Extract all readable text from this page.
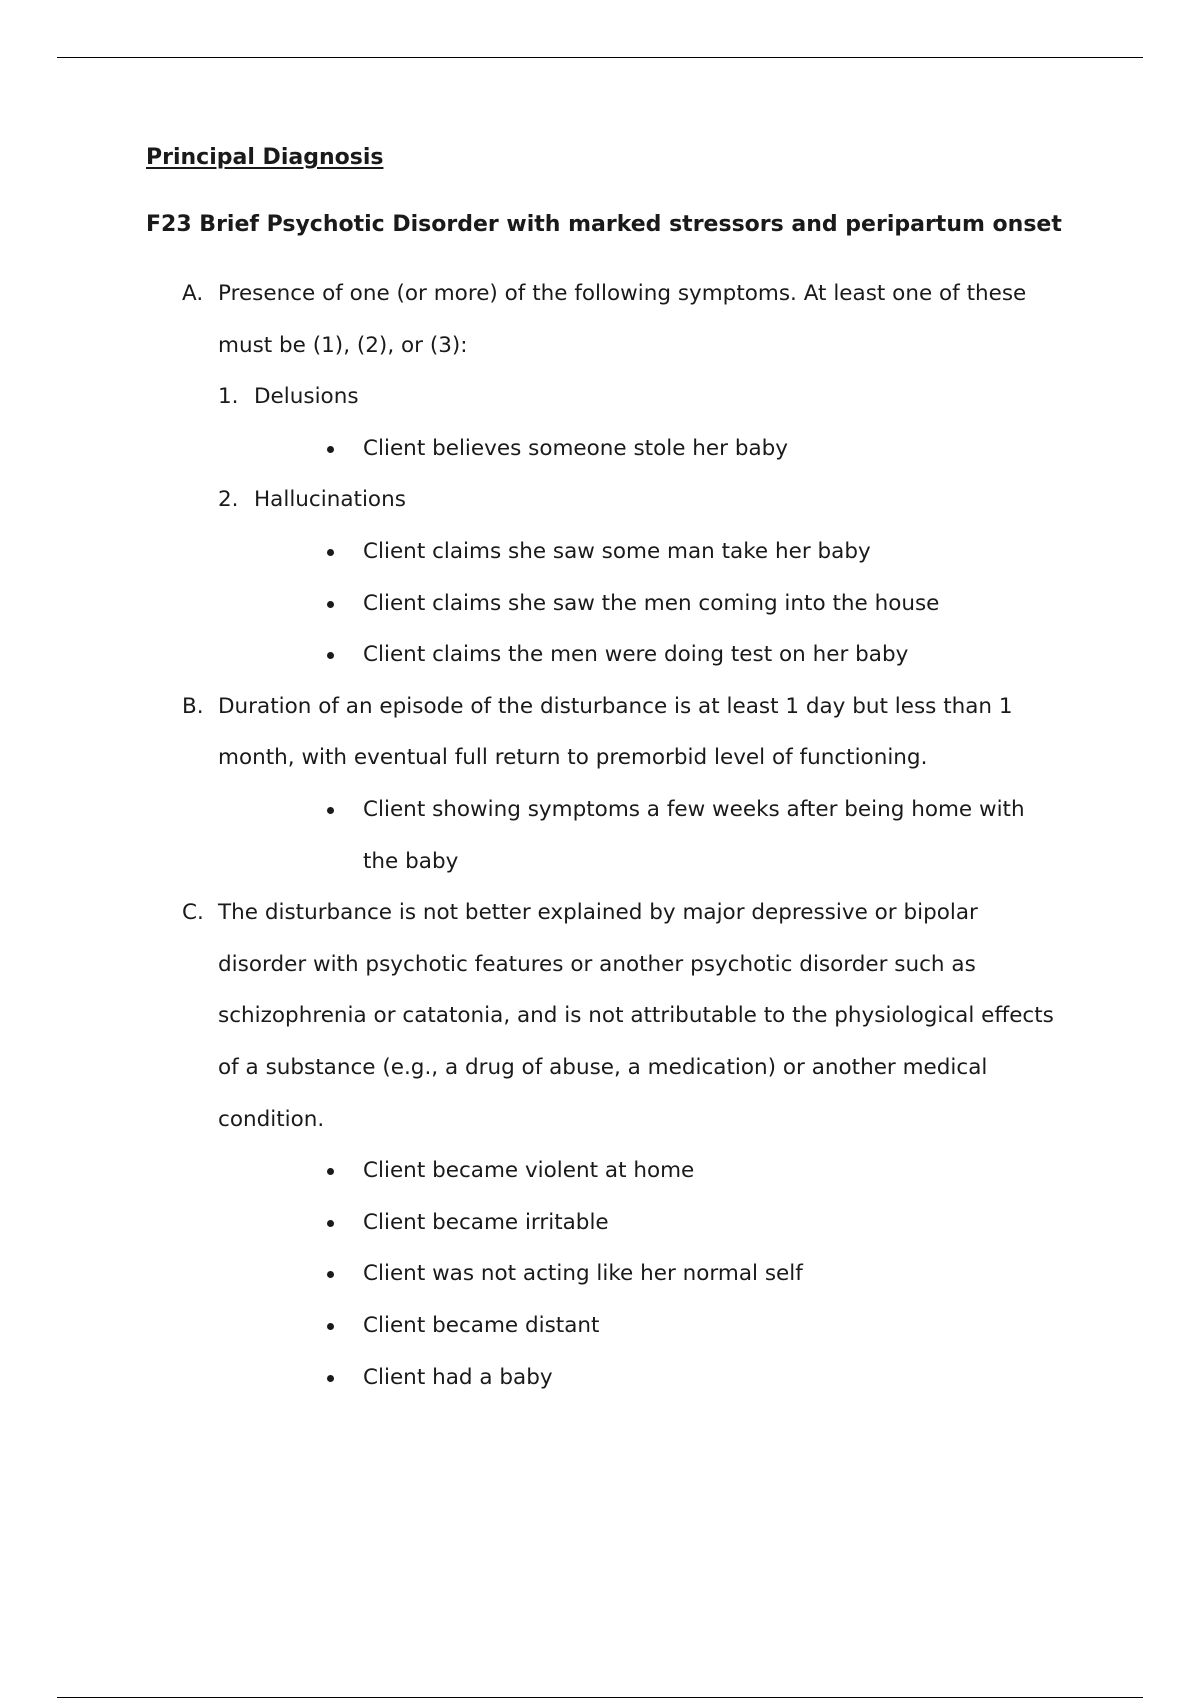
Principal Diagnosis
F23 Brief Psychotic Disorder with marked stressors and peripartum onset
A. Presence of one (or more) of the following symptoms. At least one of these
must be (1), (2), or (3):
1. Delusions
Client believes someone stole her baby
2. Hallucinations
Client claims she saw some man take her baby
Client claims she saw the men coming into the house
Client claims the men were doing test on her baby
B. Duration of an episode of the disturbance is at least 1 day but less than 1
month, with eventual full return to premorbid level of functioning.
Client showing symptoms a few weeks after being home with
the baby
C. The disturbance is not better explained by major depressive or bipolar
disorder with psychotic features or another psychotic disorder such as
schizophrenia or catatonia, and is not attributable to the physiological effects
of a substance (e.g., a drug of abuse, a medication) or another medical
condition.
Client became violent at home
Client became irritable
Client was not acting like her normal self
Client became distant
Client had a baby
